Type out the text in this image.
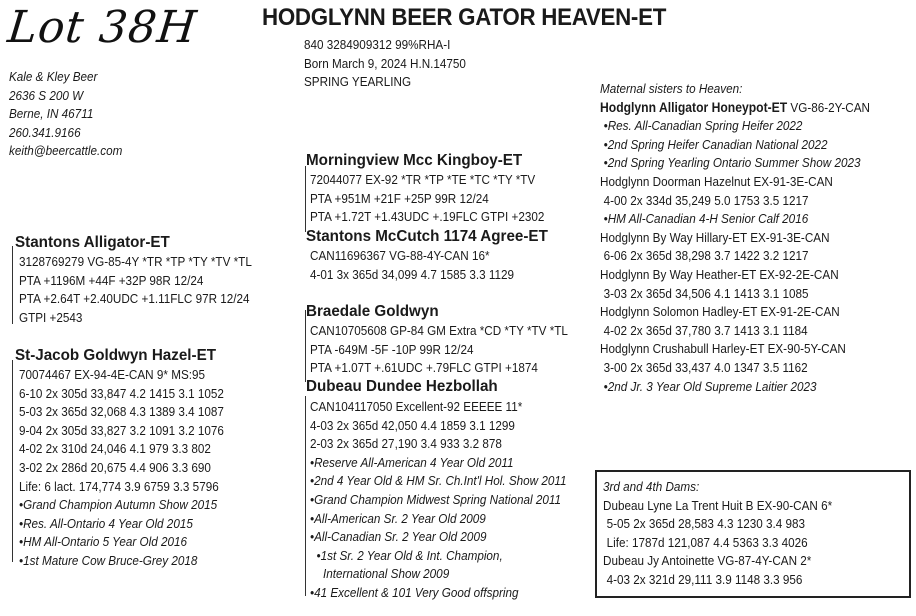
Lot 38H	HODGLYNN BEER GATOR HEAVEN-ET
840 3284909312 99%RHA-I
Born March 9, 2024 H.N.14750
SPRING YEARLING
Kale & Kley Beer
2636 S 200 W
Berne, IN 46711
260.341.9166
keith@beercattle.com
Stantons Alligator-ET
3128769279 VG-85-4Y *TR *TP *TY *TV *TL
PTA +1196M +44F +32P 98R 12/24
PTA +2.64T +2.40UDC +1.11FLC 97R 12/24
GTPI +2543
St-Jacob Goldwyn Hazel-ET
70074467 EX-94-4E-CAN 9* MS:95
6-10 2x 305d 33,847 4.2 1415 3.1 1052
5-03 2x 365d 32,068 4.3 1389 3.4 1087
9-04 2x 305d 33,827 3.2 1091 3.2 1076
4-02 2x 310d 24,046 4.1 979 3.3 802
3-02 2x 286d 20,675 4.4 906 3.3 690
Life: 6 lact. 174,774 3.9 6759 3.3 5796
•Grand Champion Autumn Show 2015
•Res. All-Ontario 4 Year Old 2015
•HM All-Ontario 5 Year Old 2016
•1st Mature Cow Bruce-Grey 2018
Morningview Mcc Kingboy-ET
72044077 EX-92 *TR *TP *TE *TC *TY *TV
PTA +951M +21F +25P 99R 12/24
PTA +1.72T +1.43UDC +.19FLC GTPI +2302
Stantons McCutch 1174 Agree-ET
CAN11696367 VG-88-4Y-CAN 16*
4-01 3x 365d 34,099 4.7 1585 3.3 1129
Braedale Goldwyn
CAN10705608 GP-84 GM Extra *CD *TY *TV *TL
PTA -649M -5F -10P 99R 12/24
PTA +1.07T +.61UDC +.79FLC GTPI +1874
Dubeau Dundee Hezbollah
CAN104117050 Excellent-92 EEEEE 11*
4-03 2x 365d 42,050 4.4 1859 3.1 1299
2-03 2x 365d 27,190 3.4 933 3.2 878
•Reserve All-American 4 Year Old 2011
•2nd 4 Year Old & HM Sr. Ch.Int'l Hol. Show 2011
•Grand Champion Midwest Spring National 2011
•All-American Sr. 2 Year Old 2009
•All-Canadian Sr. 2 Year Old 2009
•1st Sr. 2 Year Old & Int. Champion,
International Show 2009
•41 Excellent & 101 Very Good offspring
Maternal sisters to Heaven:
Hodglynn Alligator Honeypot-ET VG-86-2Y-CAN
•Res. All-Canadian Spring Heifer 2022
•2nd Spring Heifer Canadian National 2022
•2nd Spring Yearling Ontario Summer Show 2023
Hodglynn Doorman Hazelnut EX-91-3E-CAN
4-00 2x 334d 35,249 5.0 1753 3.5 1217
•HM All-Canadian 4-H Senior Calf 2016
Hodglynn By Way Hillary-ET EX-91-3E-CAN
6-06 2x 365d 38,298 3.7 1422 3.2 1217
Hodglynn By Way Heather-ET EX-92-2E-CAN
3-03 2x 365d 34,506 4.1 1413 3.1 1085
Hodglynn Solomon Hadley-ET EX-91-2E-CAN
4-02 2x 365d 37,780 3.7 1413 3.1 1184
Hodglynn Crushabull Harley-ET EX-90-5Y-CAN
3-00 2x 365d 33,437 4.0 1347 3.5 1162
•2nd Jr. 3 Year Old Supreme Laitier 2023
3rd and 4th Dams:
Dubeau Lyne La Trent Huit B EX-90-CAN 6*
5-05 2x 365d 28,583 4.3 1230 3.4 983
Life: 1787d 121,087 4.4 5363 3.3 4026
Dubeau Jy Antoinette VG-87-4Y-CAN 2*
4-03 2x 321d 29,111 3.9 1148 3.3 956
